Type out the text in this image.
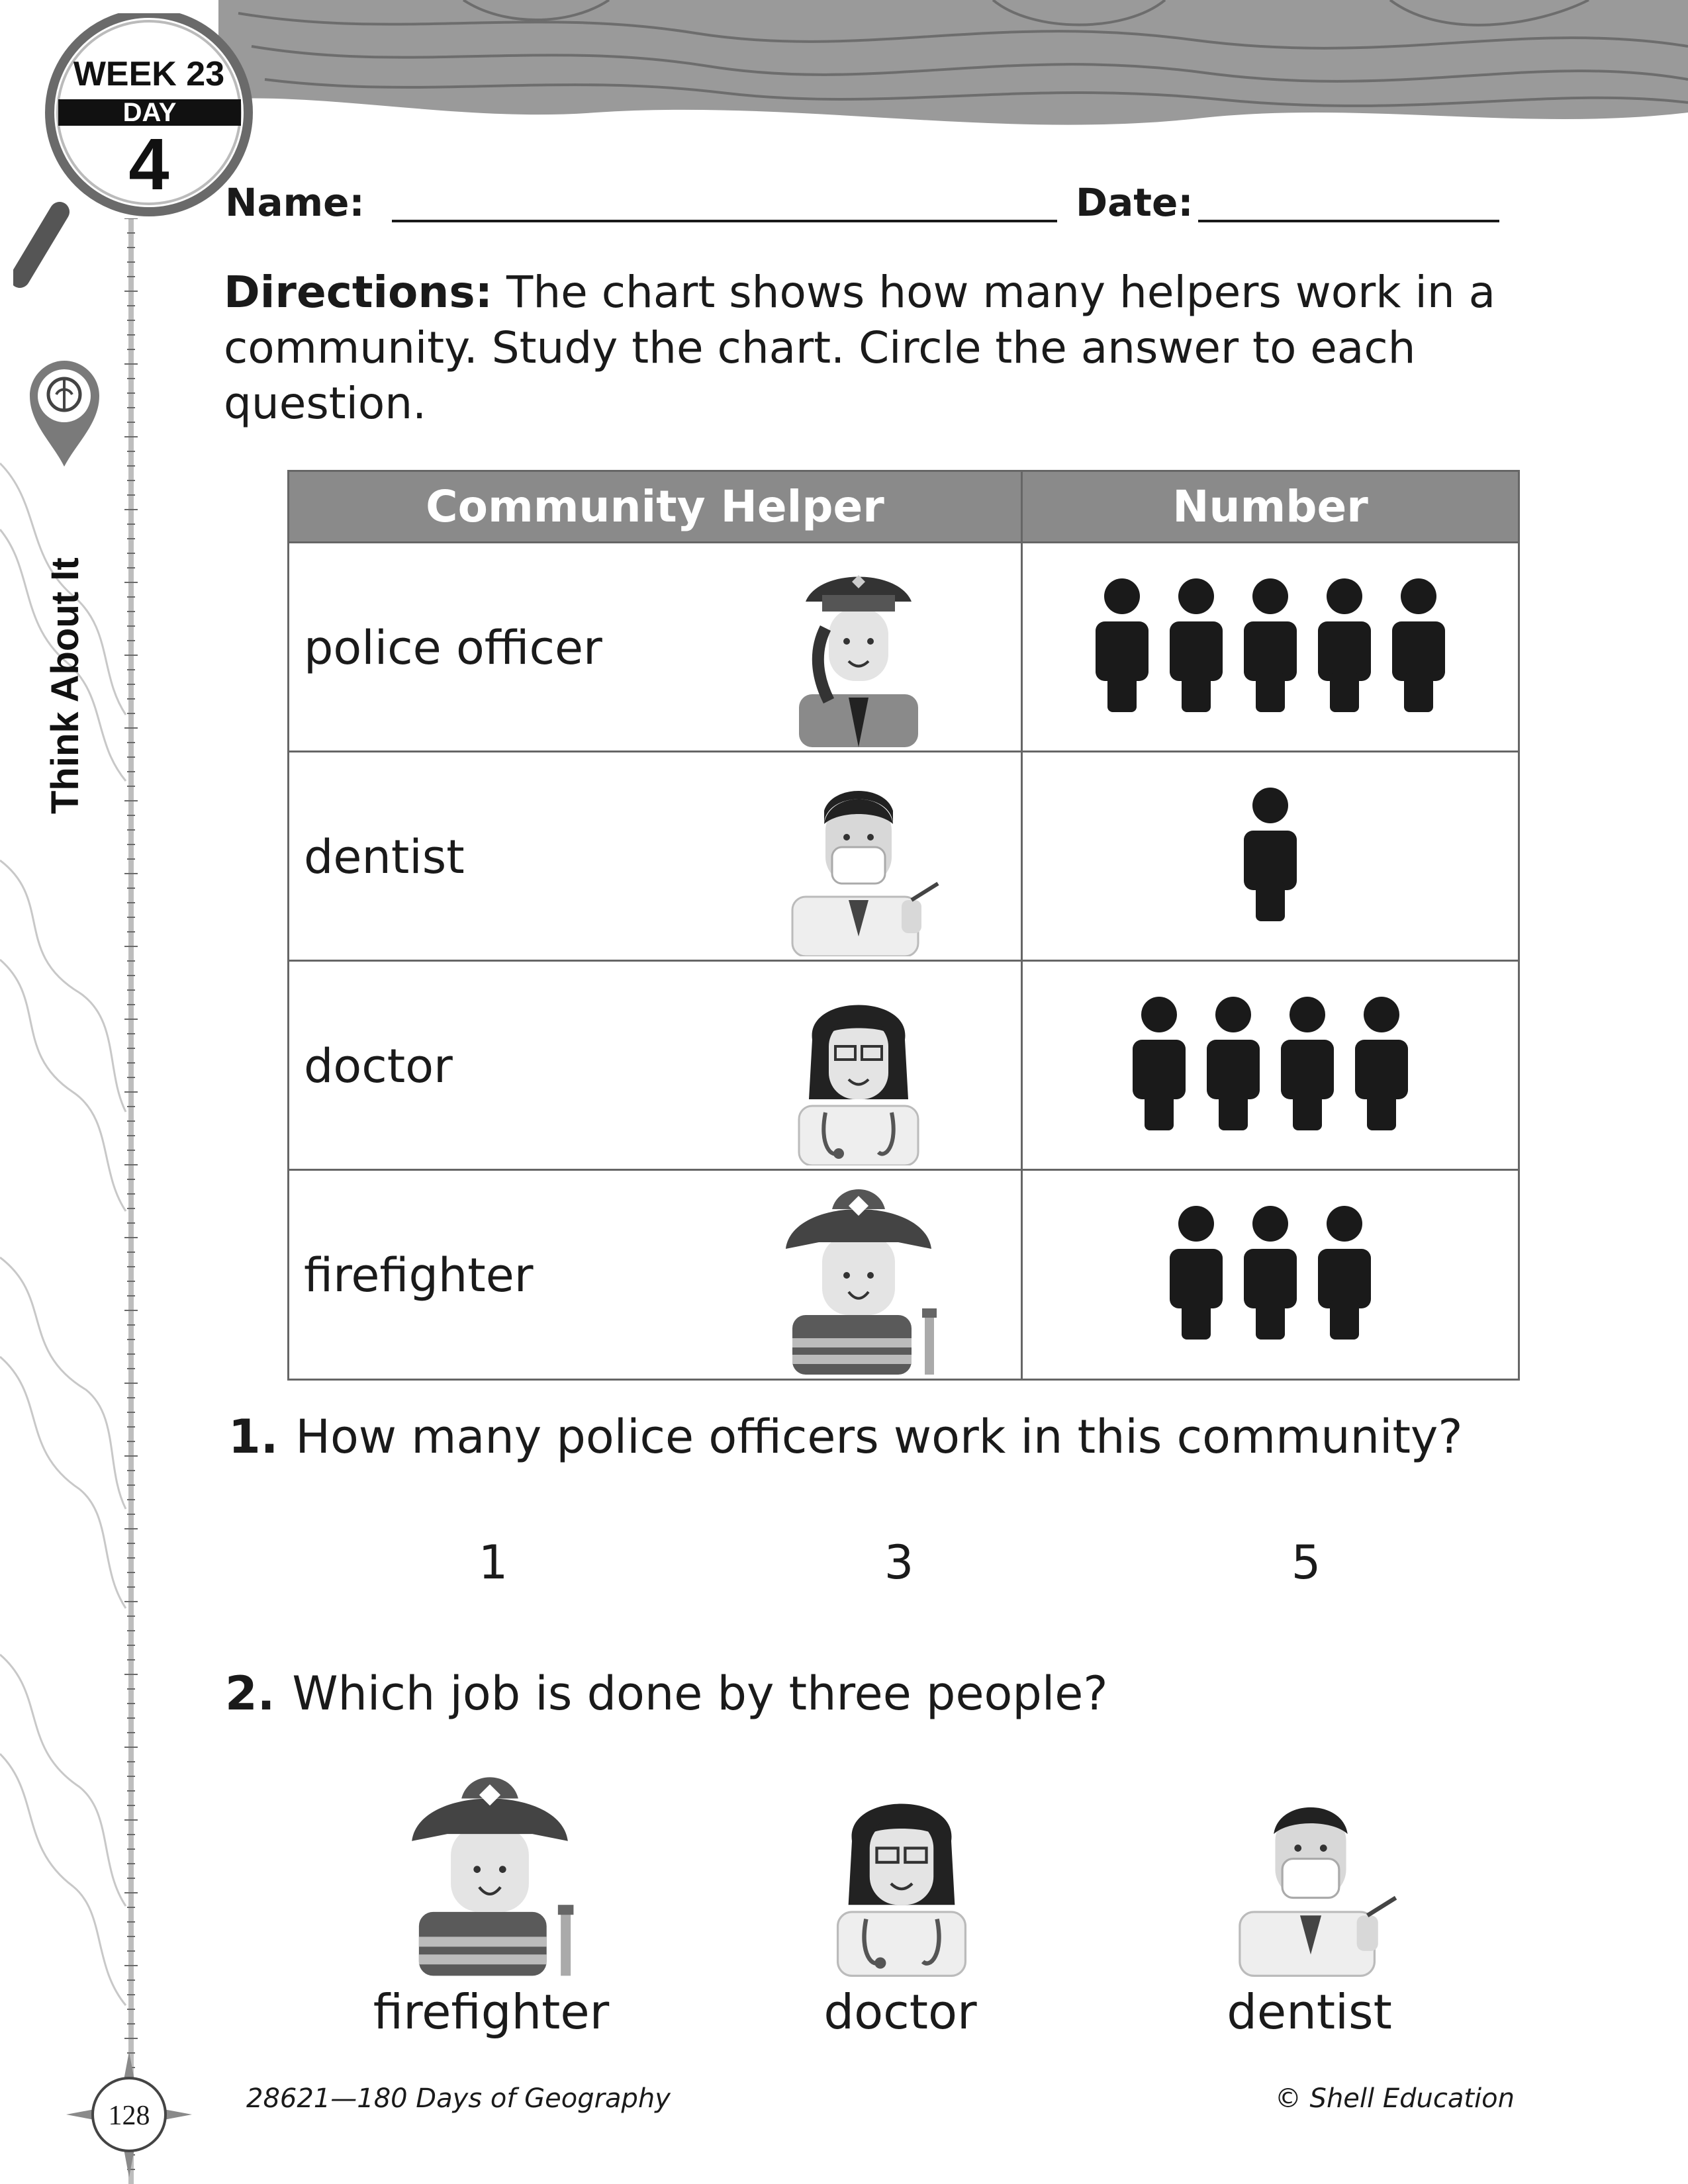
WEEK 23
DAY
4
Think About It
Name:	Date:
Directions: The chart shows how many helpers work in a community. Study the chart. Circle the answer to each question.
Community Helper	Number
police officer
dentist
doctor
firefighter
1. How many police officers work in this community?
1	3	5
2. Which job is done by three people?
firefighter	doctor	dentist
128
28621—180 Days of Geography	© Shell Education
